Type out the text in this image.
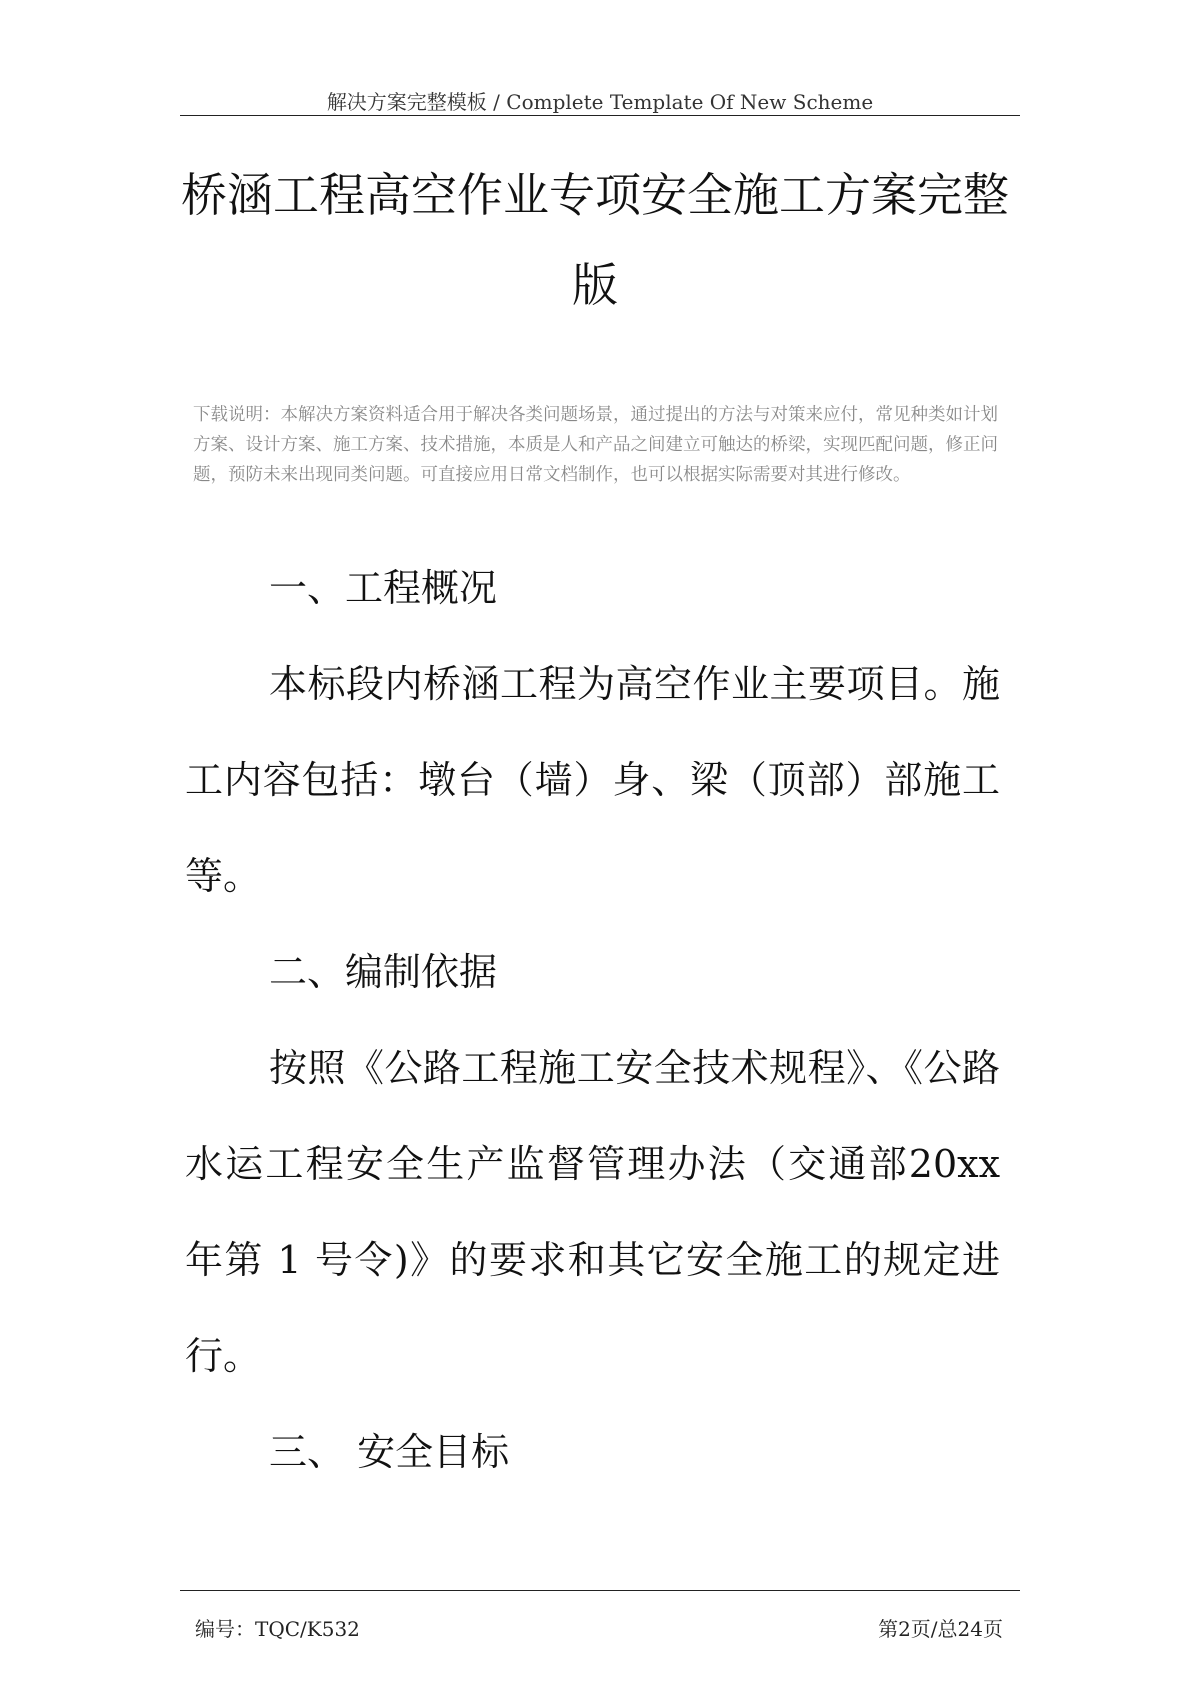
解决方案完整模板 / Complete Template Of New Scheme
桥涵工程高空作业专项安全施工方案完整版
下载说明：本解决方案资料适合用于解决各类问题场景，通过提出的方法与对策来应付，常见种类如计划方案、设计方案、施工方案、技术措施，本质是人和产品之间建立可触达的桥梁，实现匹配问题，修正问题，预防未来出现同类问题。可直接应用日常文档制作，也可以根据实际需要对其进行修改。

一、工程概况

本标段内桥涵工程为高空作业主要项目。施工内容包括：墩台（墙）身、梁（顶部）部施工等。

二、编制依据

按照《公路工程施工安全技术规程》、《公路水运工程安全生产监督管理办法（交通部20xx 年第 1 号令)》的要求和其它安全施工的规定进行。

三、 安全目标

编号：TQC/K532	第2页/总24页
